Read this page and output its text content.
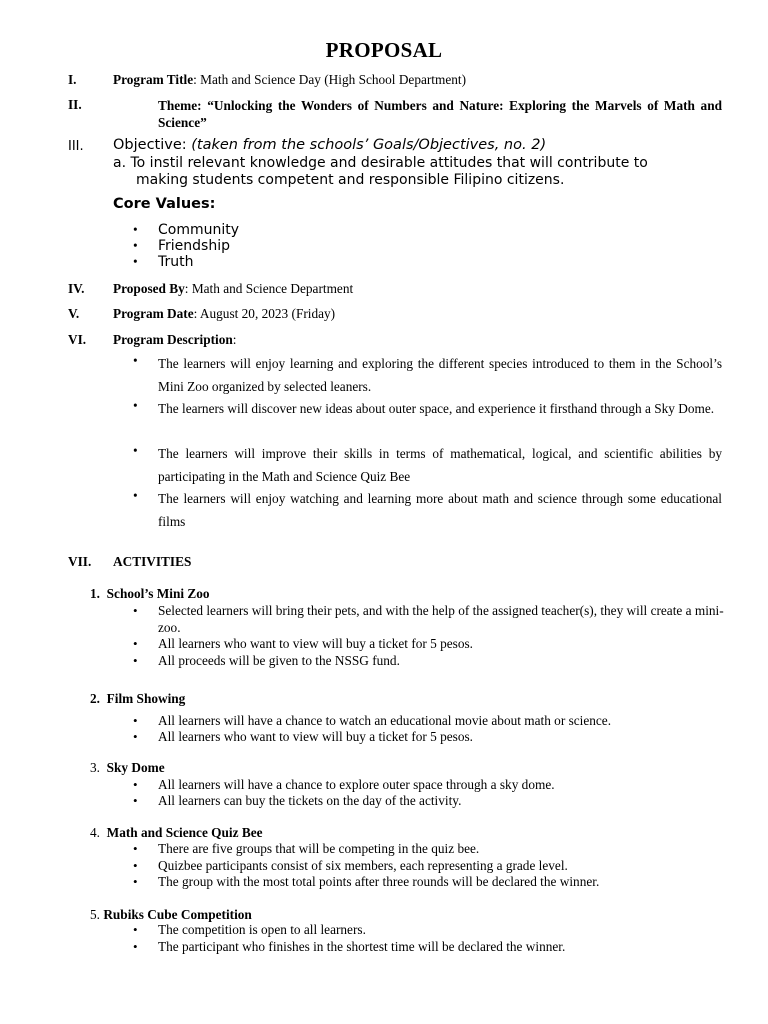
PROPOSAL
I.	Program Title: Math and Science Day (High School Department)
II.	Theme: “Unlocking the Wonders of Numbers and Nature: Exploring the Marvels of Math and Science”
III. Objective: (taken from the schools’ Goals/Objectives, no. 2)
a. To instil relevant knowledge and desirable attitudes that will contribute to
making students competent and responsible Filipino citizens.
Core Values:
• Community
• Friendship
• Truth
IV. Proposed By: Math and Science Department
V.	Program Date: August 20, 2023 (Friday)
VI. Program Description:
• The learners will enjoy learning and exploring the different species introduced to them in the School’s Mini Zoo organized by selected leaners.
• The learners will discover new ideas about outer space, and experience it firsthand through a Sky Dome.
• The learners will improve their skills in terms of mathematical, logical, and scientific abilities by participating in the Math and Science Quiz Bee
• The learners will enjoy watching and learning more about math and science through some educational films
VII. ACTIVITIES
1. School’s Mini Zoo
• Selected learners will bring their pets, and with the help of the assigned teacher(s), they will create a mini-zoo.
• All learners who want to view will buy a ticket for 5 pesos.
• All proceeds will be given to the NSSG fund.
2. Film Showing
• All learners will have a chance to watch an educational movie about math or science.
• All learners who want to view will buy a ticket for 5 pesos.
3. Sky Dome
• All learners will have a chance to explore outer space through a sky dome.
• All learners can buy the tickets on the day of the activity.
4. Math and Science Quiz Bee
• There are five groups that will be competing in the quiz bee.
• Quizbee participants consist of six members, each representing a grade level.
• The group with the most total points after three rounds will be declared the winner.
5. Rubiks Cube Competition
• The competition is open to all learners.
• The participant who finishes in the shortest time will be declared the winner.
